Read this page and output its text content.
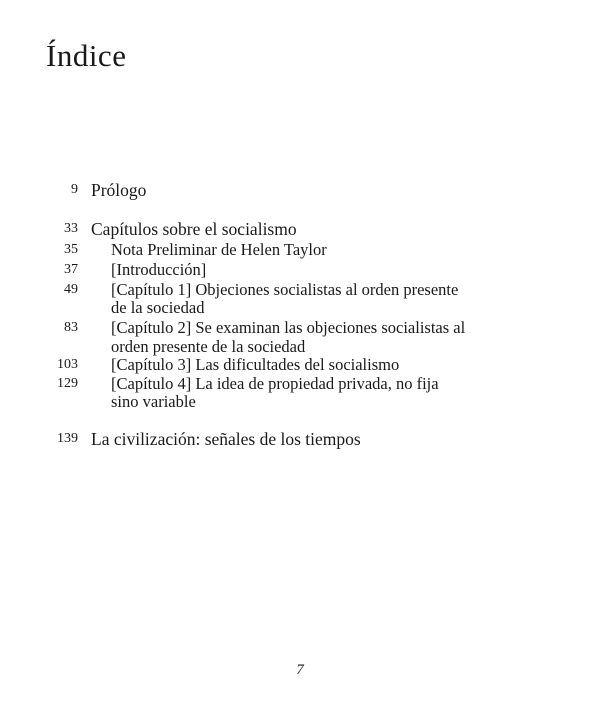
Índice
9 Prólogo
33 Capítulos sobre el socialismo
35 Nota Preliminar de Helen Taylor
37 [Introducción]
49 [Capítulo 1] Objeciones socialistas al orden presente
de la sociedad
83 [Capítulo 2] Se examinan las objeciones socialistas al
orden presente de la sociedad
103 [Capítulo 3] Las dificultades del socialismo
129 [Capítulo 4] La idea de propiedad privada, no fija
sino variable
139 La civilización: señales de los tiempos
7
